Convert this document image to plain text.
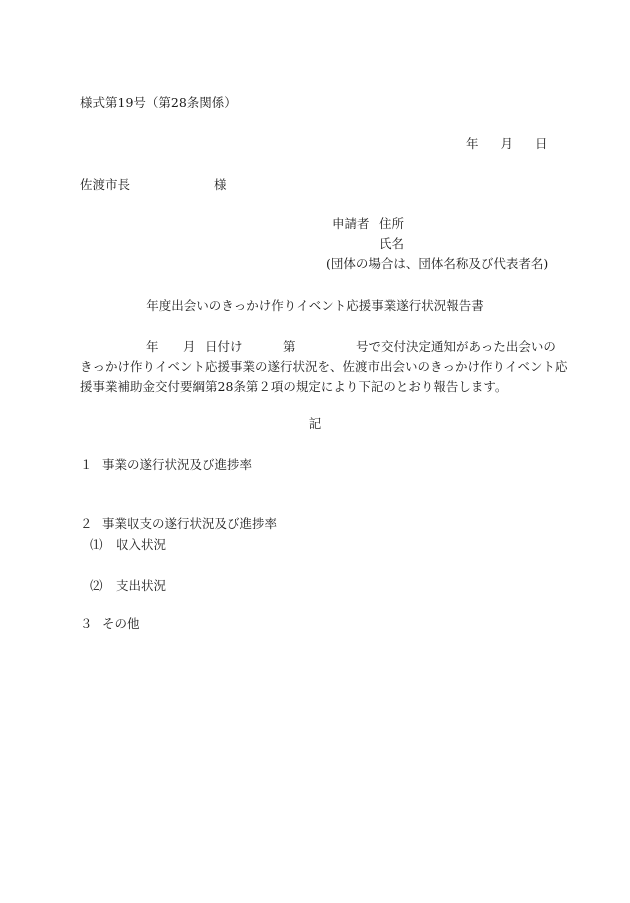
様式第19号（第28条関係）
年 月 日
佐渡市長	様
申請者 住所
氏名
(団体の場合は、団体名称及び代表者名)
年度出会いのきっかけ作りイベント応援事業遂行状況報告書
年 月 日付け	第	号で交付決定通知があった出会いの
きっかけ作りイベント応援事業の遂行状況を、佐渡市出会いのきっかけ作りイベント応
援事業補助金交付要綱第28条第２項の規定により下記のとおり報告します。
記
１ 事業の遂行状況及び進捗率
２ 事業収支の遂行状況及び進捗率
⑴ 収入状況
⑵ 支出状況
３ その他
